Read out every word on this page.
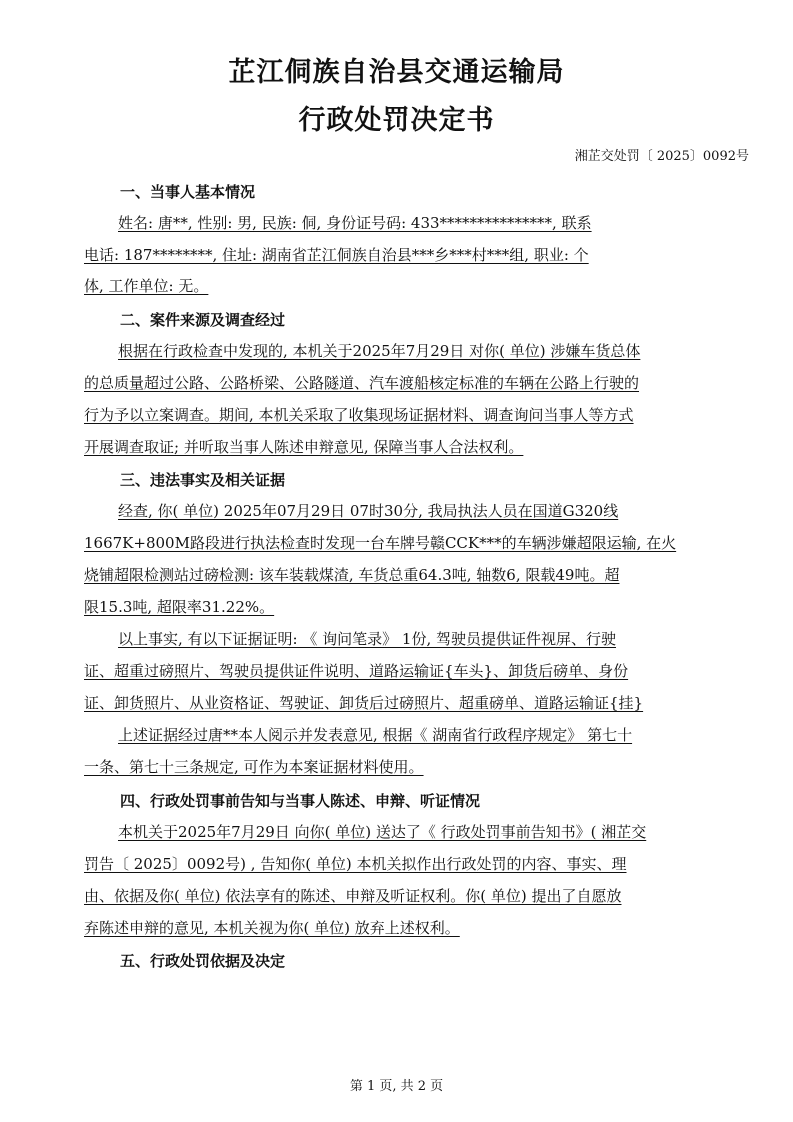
芷江侗族自治县交通运输局
行政处罚决定书
湘芷交处罚〔 2025〕0092号
一、当事人基本情况
姓名: 唐**, 性别: 男, 民族: 侗, 身份证号码: 433***************, 联系
电话: 187********, 住址: 湖南省芷江侗族自治县***乡***村***组, 职业: 个
体, 工作单位: 无。
二、案件来源及调查经过
根据在行政检查中发现的, 本机关于2025年7月29日 对你( 单位) 涉嫌车货总体
的总质量超过公路、公路桥梁、公路隧道、汽车渡船核定标准的车辆在公路上行驶的
行为予以立案调查。期间, 本机关采取了收集现场证据材料、调查询问当事人等方式
开展调查取证; 并听取当事人陈述申辩意见, 保障当事人合法权利。
三、违法事实及相关证据
经查, 你( 单位) 2025年07月29日 07时30分, 我局执法人员在国道G320线
1667K+800M路段进行执法检查时发现一台车牌号赣CCK***的车辆涉嫌超限运输, 在火
烧铺超限检测站过磅检测: 该车装载煤渣, 车货总重64.3吨, 轴数6, 限载49吨。超
限15.3吨, 超限率31.22%。
以上事实, 有以下证据证明: 《 询问笔录》 1份, 驾驶员提供证件视屏、行驶
证、超重过磅照片、驾驶员提供证件说明、道路运输证{车头}、卸货后磅单、身份
证、卸货照片、从业资格证、驾驶证、卸货后过磅照片、超重磅单、道路运输证{挂}
上述证据经过唐**本人阅示并发表意见, 根据《 湖南省行政程序规定》 第七十
一条、第七十三条规定, 可作为本案证据材料使用。
四、行政处罚事前告知与当事人陈述、申辩、听证情况
本机关于2025年7月29日 向你( 单位) 送达了《 行政处罚事前告知书》( 湘芷交
罚告〔 2025〕0092号) , 告知你( 单位) 本机关拟作出行政处罚的内容、事实、理
由、依据及你( 单位) 依法享有的陈述、申辩及听证权利。你( 单位) 提出了自愿放
弃陈述申辩的意见, 本机关视为你( 单位) 放弃上述权利。
五、行政处罚依据及决定
第 1 页, 共 2 页
